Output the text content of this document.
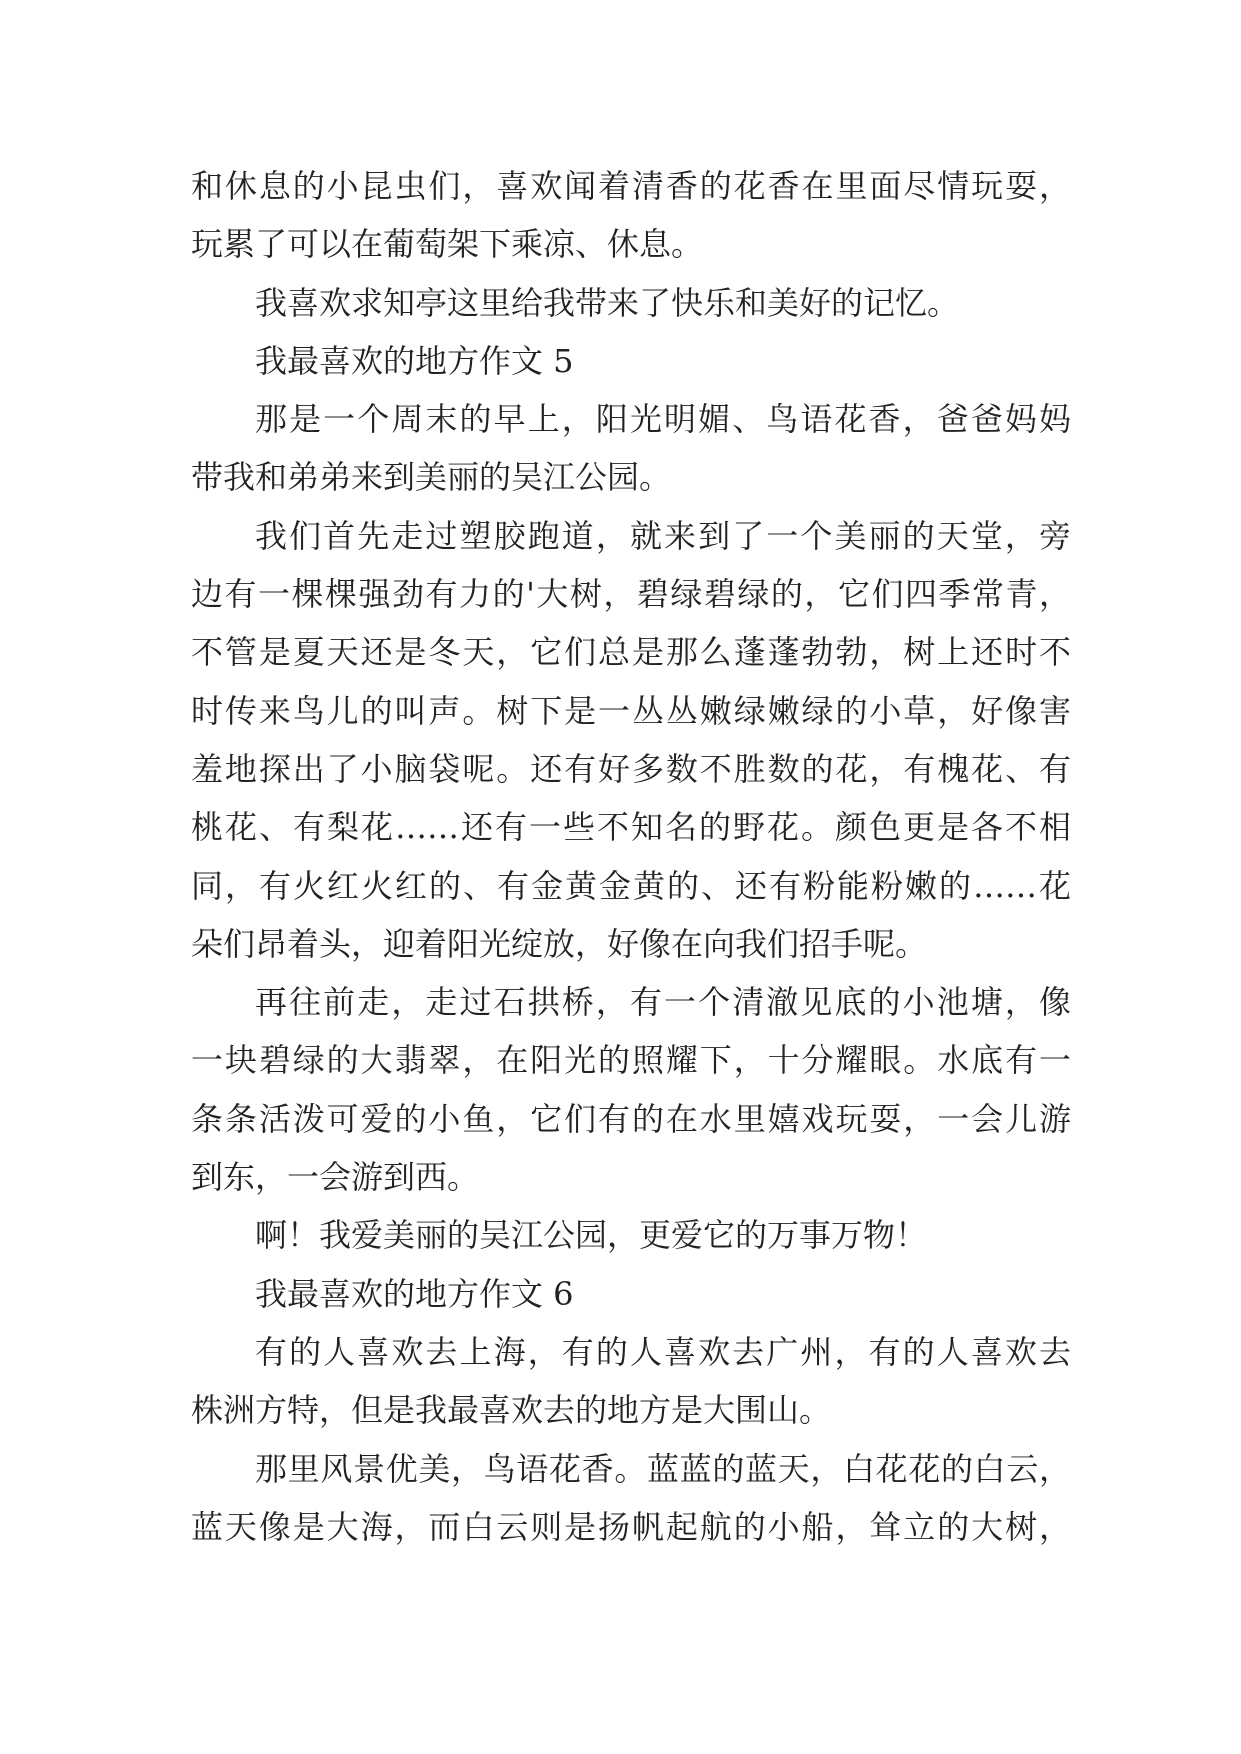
和休息的小昆虫们，喜欢闻着清香的花香在里面尽情玩耍，
玩累了可以在葡萄架下乘凉、休息。
我喜欢求知亭这里给我带来了快乐和美好的记忆。
我最喜欢的地方作文 5
那是一个周末的早上，阳光明媚、鸟语花香，爸爸妈妈
带我和弟弟来到美丽的吴江公园。
我们首先走过塑胶跑道，就来到了一个美丽的天堂，旁
边有一棵棵强劲有力的'大树，碧绿碧绿的，它们四季常青，
不管是夏天还是冬天，它们总是那么蓬蓬勃勃，树上还时不
时传来鸟儿的叫声。树下是一丛丛嫩绿嫩绿的小草，好像害
羞地探出了小脑袋呢。还有好多数不胜数的花，有槐花、有
桃花、有梨花……还有一些不知名的野花。颜色更是各不相
同，有火红火红的、有金黄金黄的、还有粉能粉嫩的……花
朵们昂着头，迎着阳光绽放，好像在向我们招手呢。
再往前走，走过石拱桥，有一个清澈见底的小池塘，像
一块碧绿的大翡翠，在阳光的照耀下，十分耀眼。水底有一
条条活泼可爱的小鱼，它们有的在水里嬉戏玩耍，一会儿游
到东，一会游到西。
啊！我爱美丽的吴江公园，更爱它的万事万物！
我最喜欢的地方作文 6
有的人喜欢去上海，有的人喜欢去广州，有的人喜欢去
株洲方特，但是我最喜欢去的地方是大围山。
那里风景优美，鸟语花香。蓝蓝的蓝天，白花花的白云，
蓝天像是大海，而白云则是扬帆起航的小船，耸立的大树，
